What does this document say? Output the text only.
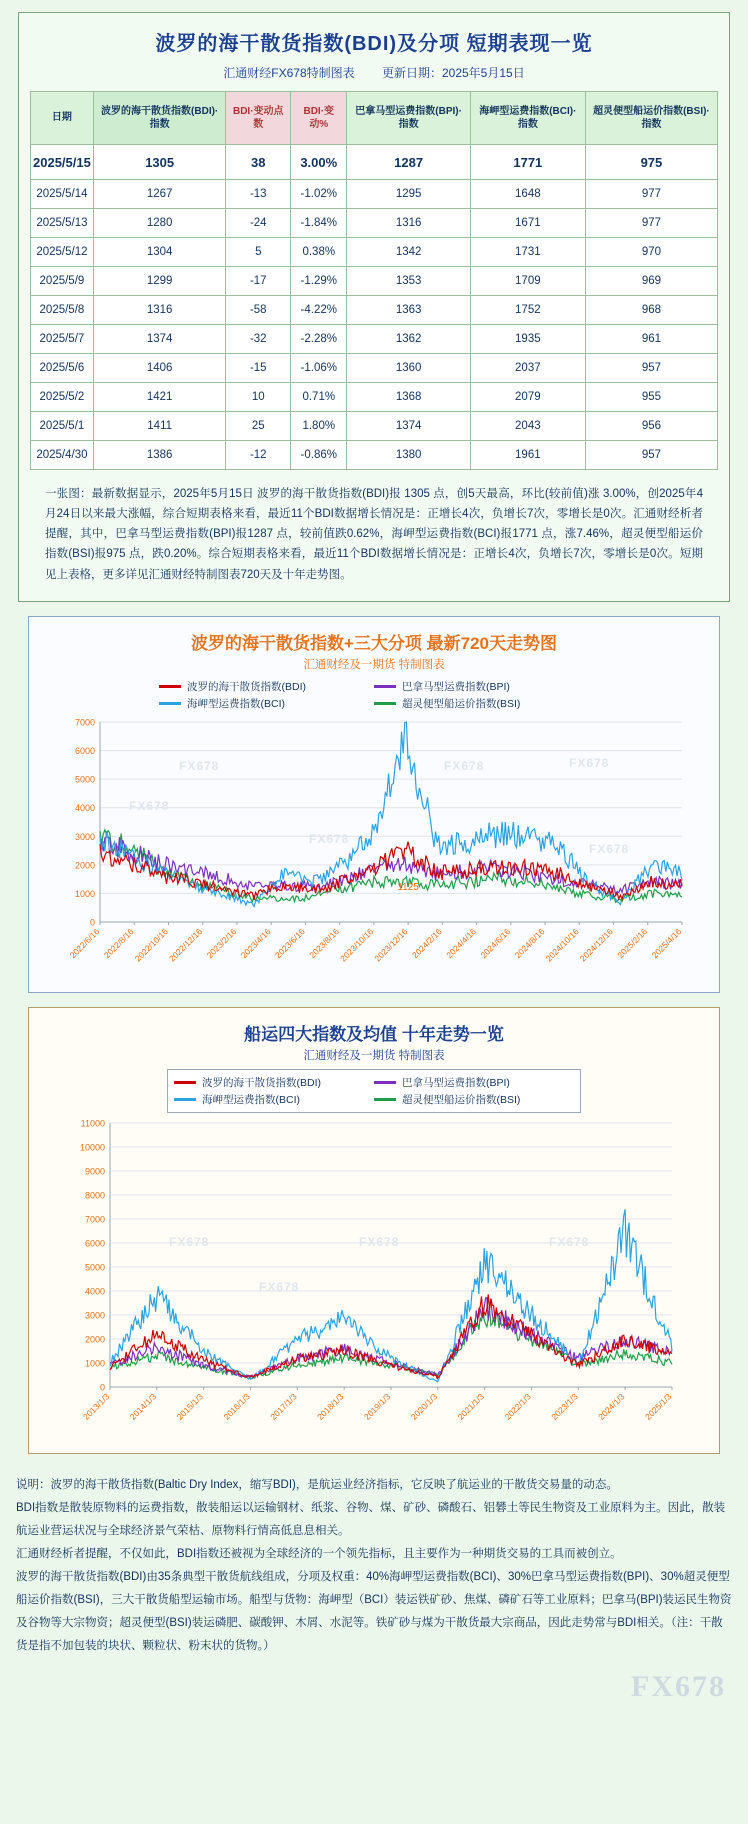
波罗的海干散货指数(BDI)及分项 短期表现一览
汇通财经FX678特制图表 更新日期：2025年5月15日
日期	波罗的海干散货指数(BDI)·指数	BDI·变动点数	BDI·变动%	巴拿马型运费指数(BPI)·指数	海岬型运费指数(BCI)·指数	超灵便型船运价指数(BSI)·指数
2025/5/15	1305	38	3.00%	1287	1771	975
2025/5/14	1267	-13	-1.02%	1295	1648	977
2025/5/13	1280	-24	-1.84%	1316	1671	977
2025/5/12	1304	5	0.38%	1342	1731	970
2025/5/9	1299	-17	-1.29%	1353	1709	969
2025/5/8	1316	-58	-4.22%	1363	1752	968
2025/5/7	1374	-32	-2.28%	1362	1935	961
2025/5/6	1406	-15	-1.06%	1360	2037	957
2025/5/2	1421	10	0.71%	1368	2079	955
2025/5/1	1411	25	1.80%	1374	2043	956
2025/4/30	1386	-12	-0.86%	1380	1961	957
一张图：最新数据显示，2025年5月15日 波罗的海干散货指数(BDI)报 1305 点，创5天最高，环比(较前值)涨 3.00%，创2025年4月24日以来最大涨幅，综合短期表格来看，最近11个BDI数据增长情况是：正增长4次，负增长7次，零增长是0次。汇通财经析者提醒，其中，巴拿马型运费指数(BPI)报1287 点，较前值跌0.62%，海岬型运费指数(BCI)报1771 点，涨7.46%，超灵便型船运价指数(BSI)报975 点，跌0.20%。综合短期表格来看，最近11个BDI数据增长情况是：正增长4次，负增长7次，零增长是0次。短期见上表格，更多详见汇通财经特制图表720天及十年走势图。
波罗的海干散货指数+三大分项 最新720天走势图
汇通财经及一期货 特制图表
波罗的海干散货指数(BDI)	巴拿马型运费指数(BPI)
海岬型运费指数(BCI)	超灵便型船运价指数(BSI)
0
1000
2000
3000
4000
5000
6000
7000
2022/6/16 2022/8/16
2022/10/16
2022/12/16 2023/2/16 2023/4/16 2023/6/16 2023/8/16
2023/10/16
2023/12/16 2024/2/16 2024/4/16 2024/6/16 2024/8/16
2024/10/16
2024/12/16 2025/2/16 2025/4/16
1125
FX678
FX678
FX678	FX678
FX678
FX678
船运四大指数及均值 十年走势一览
汇通财经及一期货 特制图表
波罗的海干散货指数(BDI)	巴拿马型运费指数(BPI)
海岬型运费指数(BCI)	超灵便型船运价指数(BSI)
0
1000
2000
3000
4000
5000
6000
7000
8000
9000
10000
11000
2013/1/3 2014/1/3 2015/1/3 2016/1/3 2017/1/3 2018/1/3 2019/1/3 2020/1/3 2021/1/3 2022/1/3 2023/1/3 2024/1/3 2025/1/3
FX678	FX678	FX678
FX678

说明：波罗的海干散货指数(Baltic Dry Index，缩写BDI)，是航运业经济指标，它反映了航运业的干散货交易量的动态。

BDI指数是散装原物料的运费指数，散装船运以运输钢材、纸浆、谷物、煤、矿砂、磷酸石、铝礬土等民生物资及工业原料为主。因此，散装航运业营运状况与全球经济景气荣枯、原物料行情高低息息相关。

汇通财经析者提醒，不仅如此，BDI指数还被视为全球经济的一个领先指标，且主要作为一种期货交易的工具而被创立。

波罗的海干散货指数(BDI)由35条典型干散货航线组成，分项及权重：40%海岬型运费指数(BCI)、30%巴拿马型运费指数(BPI)、30%超灵便型船运价指数(BSI)，三大干散货船型运输市场。船型与货物：海岬型（BCI）装运铁矿砂、焦煤、磷矿石等工业原料；巴拿马(BPI)装运民生物资及谷物等大宗物资；超灵便型(BSI)装运磷肥、碳酸钾、木屑、水泥等。铁矿砂与煤为干散货最大宗商品，因此走势常与BDI相关。（注：干散货是指不加包装的块状、颗粒状、粉末状的货物。）

FX678
